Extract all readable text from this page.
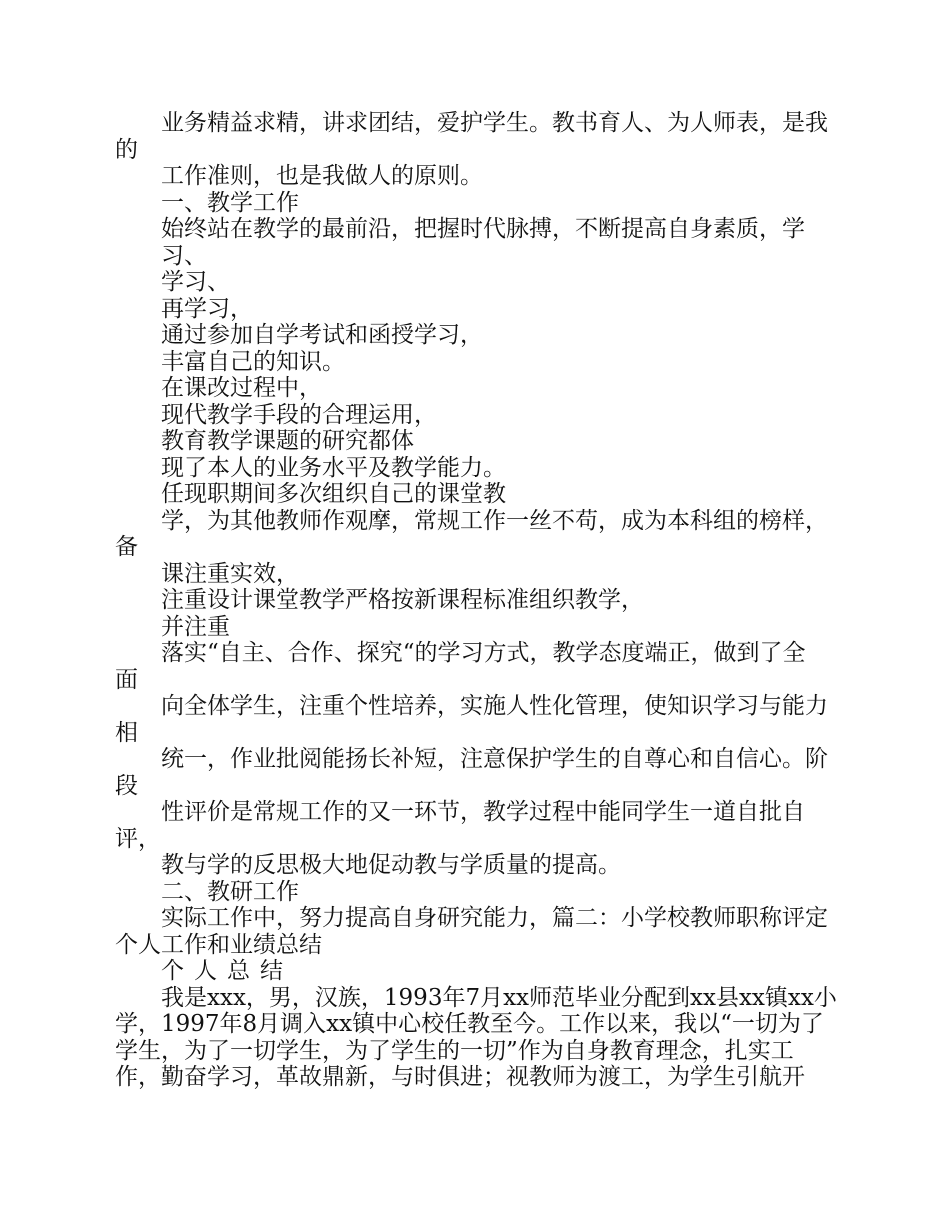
业务精益求精，讲求团结，爱护学生。教书育人、为人师表，是我
的
工作准则，也是我做人的原则。
一、教学工作
始终站在教学的最前沿，把握时代脉搏，不断提高自身素质，学
习、
学习、
再学习，
通过参加自学考试和函授学习，
丰富自己的知识。
在课改过程中，
现代教学手段的合理运用，
教育教学课题的研究都体
现了本人的业务水平及教学能力。
任现职期间多次组织自己的课堂教
学，为其他教师作观摩，常规工作一丝不苟，成为本科组的榜样，
备
课注重实效，
注重设计课堂教学严格按新课程标准组织教学，
并注重
落实“自主、合作、探究“的学习方式，教学态度端正，做到了全
面
向全体学生，注重个性培养，实施人性化管理，使知识学习与能力
相
统一，作业批阅能扬长补短，注意保护学生的自尊心和自信心。阶
段
性评价是常规工作的又一环节，教学过程中能同学生一道自批自
评，
教与学的反思极大地促动教与学质量的提高。
二、教研工作
实际工作中，努力提高自身研究能力，篇二：小学校教师职称评定
个人工作和业绩总结
个人总结
我是xxx，男，汉族，1993年7月xx师范毕业分配到xx县xx镇xx小
学，1997年8月调入xx镇中心校任教至今。工作以来，我以“一切为了
学生，为了一切学生，为了学生的一切”作为自身教育理念，扎实工
作，勤奋学习，革故鼎新，与时俱进；视教师为渡工，为学生引航开
